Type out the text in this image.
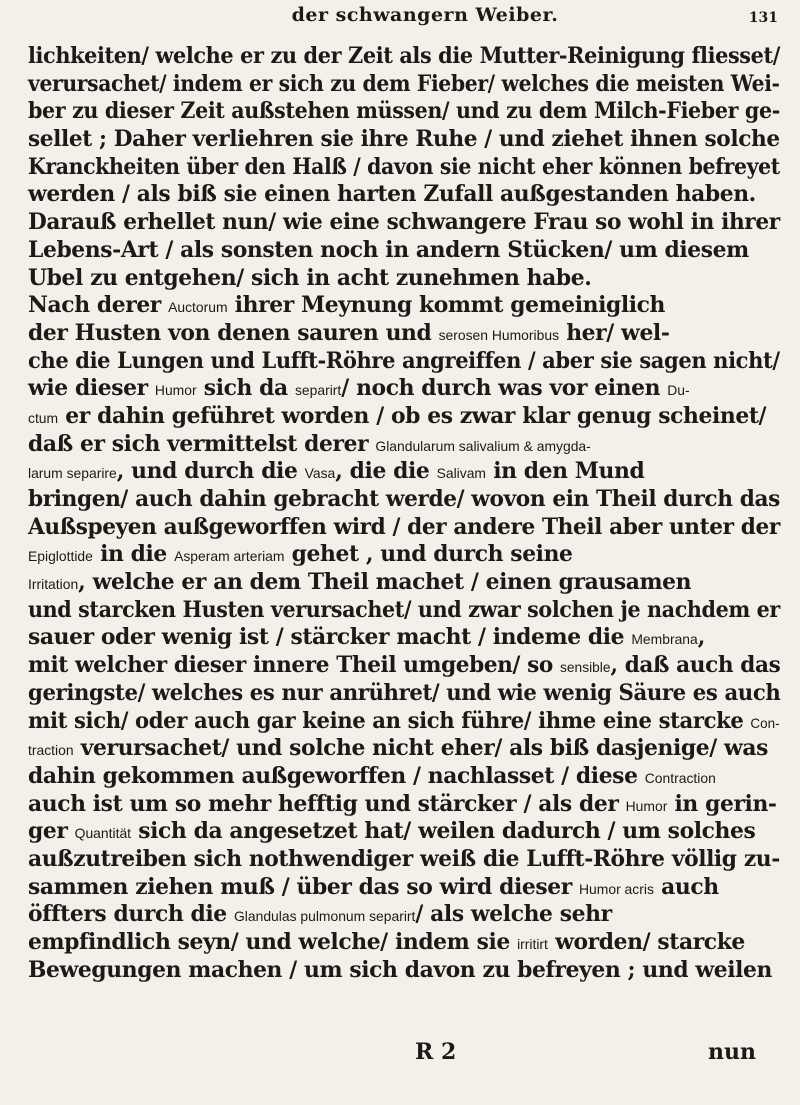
der schwangern Weiber.	131
lichkeiten/ welche er zu der Zeit als die Mutter-Reinigung fliesset/
verursachet/ indem er sich zu dem Fieber/ welches die meisten Wei-
ber zu dieser Zeit außstehen müssen/ und zu dem Milch-Fieber ge-
sellet ; Daher verliehren sie ihre Ruhe / und ziehet ihnen solche
Kranckheiten über den Halß / davon sie nicht eher können befreyet
werden / als biß sie einen harten Zufall außgestanden haben.
Darauß erhellet nun/ wie eine schwangere Frau so wohl in ihrer
Lebens-Art / als sonsten noch in andern Stücken/ um diesem
Ubel zu entgehen/ sich in acht zunehmen habe.
Nach derer Auctorum ihrer Meynung kommt gemeiniglich
der Husten von denen sauren und serosen Humoribus her/ wel-
che die Lungen und Lufft-Röhre angreiffen / aber sie sagen nicht/
wie dieser Humor sich da separirt/ noch durch was vor einen Du-
ctum er dahin geführet worden / ob es zwar klar genug scheinet/
daß er sich vermittelst derer Glandularum salivalium & amygda-
larum separire, und durch die Vasa, die die Salivam in den Mund
bringen/ auch dahin gebracht werde/ wovon ein Theil durch das
Außspeyen außgeworffen wird / der andere Theil aber unter der
Epiglottide in die Asperam arteriam gehet , und durch seine
Irritation, welche er an dem Theil machet / einen grausamen
und starcken Husten verursachet/ und zwar solchen je nachdem er
sauer oder wenig ist / stärcker macht / indeme die Membrana,
mit welcher dieser innere Theil umgeben/ so sensible, daß auch das
geringste/ welches es nur anrühret/ und wie wenig Säure es auch
mit sich/ oder auch gar keine an sich führe/ ihme eine starcke Con-
traction verursachet/ und solche nicht eher/ als biß dasjenige/ was
dahin gekommen außgeworffen / nachlasset / diese Contraction
auch ist um so mehr hefftig und stärcker / als der Humor in gerin-
ger Quantität sich da angesetzet hat/ weilen dadurch / um solches
außzutreiben sich nothwendiger weiß die Lufft-Röhre völlig zu-
sammen ziehen muß / über das so wird dieser Humor acris auch
öffters durch die Glandulas pulmonum separirt/ als welche sehr
empfindlich seyn/ und welche/ indem sie irritirt worden/ starcke
Bewegungen machen / um sich davon zu befreyen ; und weilen
R 2	nun
